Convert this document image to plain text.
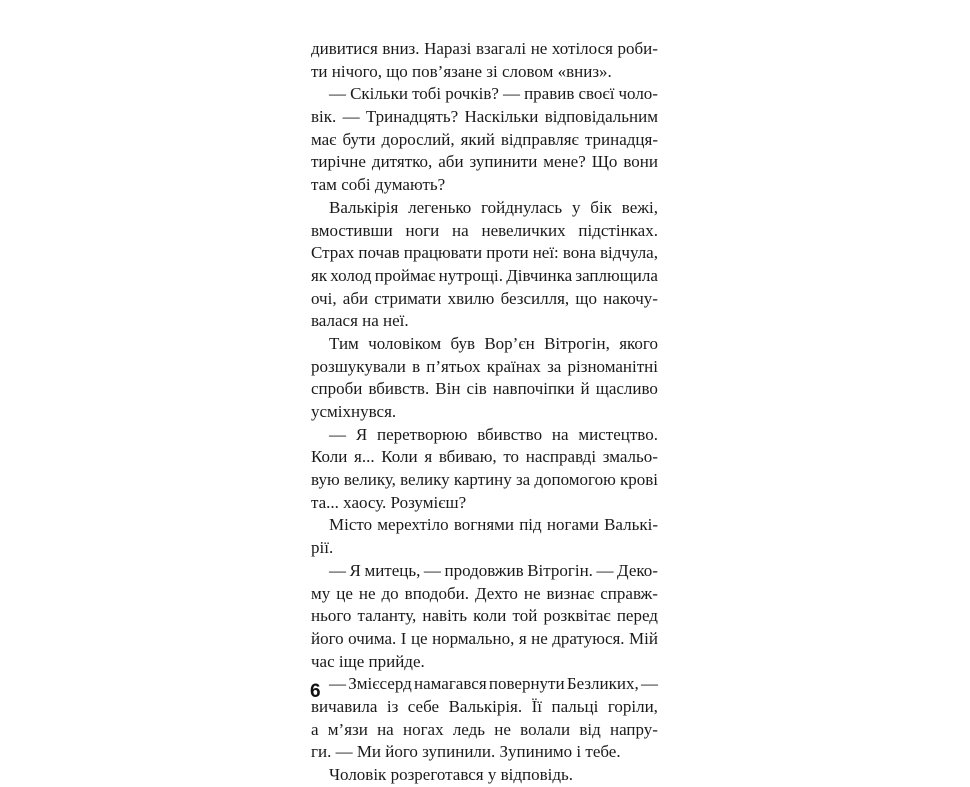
дивитися вниз. Наразі взагалі не хотілося роби-
ти нічого, що пов’язане зі словом «вниз».
— Скільки тобі рочків? — правив своєї чоло-
вік. — Тринадцять? Наскільки відповідальним
має бути дорослий, який відправляє тринадця-
тирічне дитятко, аби зупинити мене? Що вони
там собі думають?
Валькірія легенько гойднулась у бік вежі,
вмостивши ноги на невеличких підстінках.
Страх почав працювати проти неї: вона відчула,
як холод проймає нутрощі. Дівчинка заплющила
очі, аби стримати хвилю безсилля, що накочу-
валася на неї.
Тим чоловіком був Вор’єн Вітрогін, якого
розшукували в п’ятьох країнах за різноманітні
спроби вбивств. Він сів навпочіпки й щасливо
усміхнувся.
— Я перетворюю вбивство на мистецтво.
Коли я... Коли я вбиваю, то насправді змальо-
вую велику, велику картину за допомогою крові
та... хаосу. Розумієш?
Місто мерехтіло вогнями під ногами Валькі-
рії.
— Я митець, — продовжив Вітрогін. — Деко-
му це не до вподоби. Дехто не визнає справж-
нього таланту, навіть коли той розквітає перед
його очима. І це нормально, я не дратуюся. Мій
час іще прийде.
— Змієсерд намагався повернути Безликих, —
вичавила із себе Валькірія. Її пальці горіли,
а м’язи на ногах ледь не волали від напру-
ги. — Ми його зупинили. Зупинимо і тебе.
Чоловік розреготався у відповідь.
6
